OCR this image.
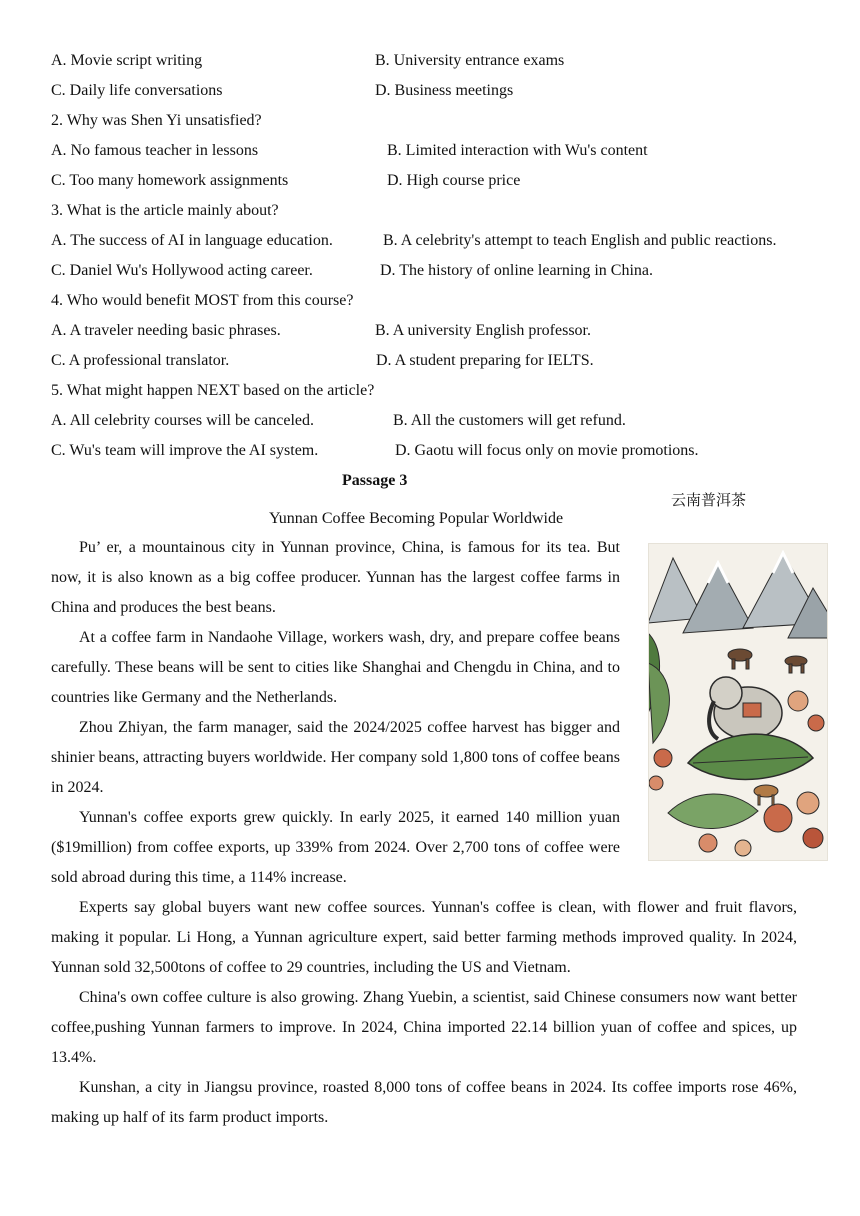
A. Movie script writing	B. University entrance exams
C. Daily life conversations	D. Business meetings
2. Why was Shen Yi unsatisfied?
A. No famous teacher in lessons	B. Limited interaction with Wu's content
C. Too many homework assignments	D. High course price
3. What is the article mainly about?
A. The success of AI in language education.	B. A celebrity's attempt to teach English and public reactions.
C. Daniel Wu's Hollywood acting career.	D. The history of online learning in China.
4. Who would benefit MOST from this course?
A. A traveler needing basic phrases.	B. A university English professor.
C. A professional translator.	D. A student preparing for IELTS.
5. What might happen NEXT based on the article?
A. All celebrity courses will be canceled.	B. All the customers will get refund.
C. Wu's team will improve the AI system.	D. Gaotu will focus only on movie promotions.
Passage 3
云南普洱茶
Yunnan Coffee Becoming Popular Worldwide

Pu’ er, a mountainous city in Yunnan province, China, is famous for its tea. But now, it is also known as a big coffee producer. Yunnan has the largest coffee farms in China and produces the best beans.

At a coffee farm in Nandaohe Village, workers wash, dry, and prepare coffee beans carefully. These beans will be sent to cities like Shanghai and Chengdu in China, and to countries like Germany and the Netherlands.

Zhou Zhiyan, the farm manager, said the 2024/2025 coffee harvest has bigger and shinier beans, attracting buyers worldwide. Her company sold 1,800 tons of coffee beans in 2024.

Yunnan's coffee exports grew quickly. In early 2025, it earned 140 million yuan ($19million) from coffee exports, up 339% from 2024. Over 2,700 tons of coffee were sold abroad during this time, a 114% increase.

Experts say global buyers want new coffee sources. Yunnan's coffee is clean, with flower and fruit flavors, making it popular. Li Hong, a Yunnan agriculture expert, said better farming methods improved quality. In 2024, Yunnan sold 32,500tons of coffee to 29 countries, including the US and Vietnam.

China's own coffee culture is also growing. Zhang Yuebin, a scientist, said Chinese consumers now want better coffee,pushing Yunnan farmers to improve. In 2024, China imported 22.14 billion yuan of coffee and spices, up 13.4%.

Kunshan, a city in Jiangsu province, roasted 8,000 tons of coffee beans in 2024. Its coffee imports rose 46%, making up half of its farm product imports.
